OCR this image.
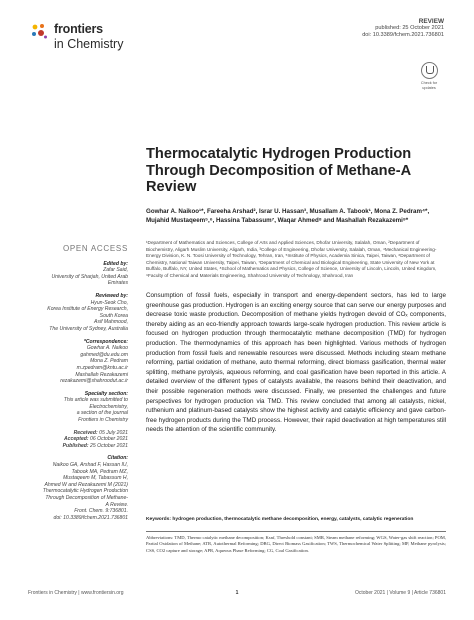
frontiers
in Chemistry
REVIEW
published: 25 October 2021
doi: 10.3389/fchem.2021.736801
Check for updates
Thermocatalytic Hydrogen Production Through Decomposition of Methane-A Review
Gowhar A. Naikoo¹*, Fareeha Arshad², Israr U. Hassan³, Musallam A. Tabook¹, Mona Z. Pedram⁴*, Mujahid Mustaqeem⁵,⁶, Hassina Tabassum⁷, Waqar Ahmed⁸ and Mashallah Rezakazemi⁹*
¹Department of Mathematics and Sciences, College of Arts and Applied Sciences, Dhofar University, Salalah, Oman, ²Department of Biochemistry, Aligarh Muslim University, Aligarh, India, ³College of Engineering, Dhofar University, Salalah, Oman, ⁴Mechanical Engineering-Energy Division, K. N. Toosi University of Technology, Tehran, Iran, ⁵Institute of Physics, Academia Sinica, Taipei, Taiwan, ⁶Department of Chemistry, National Taiwan University, Taipei, Taiwan, ⁷Department of Chemical and Biological Engineering, State University of New York at Buffalo, Buffalo, NY, United States, ⁸School of Mathematics and Physics, College of Science, University of Lincoln, Lincoln, United Kingdom, ⁹Faculty of Chemical and Materials Engineering, Shahrood University of Technology, Shahrood, Iran
OPEN ACCESS
Edited by:
Zafar Said,
University of Sharjah, United Arab
Emirates
Reviewed by:
Hyun-Seok Cho,
Korea Institute of Energy Research,
South Korea
Asif Mahmood,
The University of Sydney, Australia
*Correspondence:
Gowhar A. Naikoo
gahmed@du.edu.om
Mona Z. Pedram
m.zpedram@kntu.ac.ir
Mashallah Rezakazemi
rezakazemi@shahroodut.ac.ir
Specialty section:
This article was submitted to
Electrochemistry,
a section of the journal
Frontiers in Chemistry
Received: 05 July 2021
Accepted: 06 October 2021
Published: 25 October 2021
Citation:
Naikoo GA, Arshad F, Hassan IU,
Tabook MA, Pedram MZ,
Mustaqeem M, Tabassum H,
Ahmed W and Rezakazemi M (2021)
Thermocatalytic Hydrogen Production
Through Decomposition of Methane-
A Review.
Front. Chem. 9:736801.
doi: 10.3389/fchem.2021.736801
Consumption of fossil fuels, especially in transport and energy-dependent sectors, has led to large greenhouse gas production. Hydrogen is an exciting energy source that can serve our energy purposes and decrease toxic waste production. Decomposition of methane yields hydrogen devoid of COₓ components, thereby aiding as an eco-friendly approach towards large-scale hydrogen production. This review article is focused on hydrogen production through thermocatalytic methane decomposition (TMD) for hydrogen production. The thermodynamics of this approach has been highlighted. Various methods of hydrogen production from fossil fuels and renewable resources were discussed. Methods including steam methane reforming, partial oxidation of methane, auto thermal reforming, direct biomass gasification, thermal water splitting, methane pyrolysis, aqueous reforming, and coal gasification have been reported in this article. A detailed overview of the different types of catalysts available, the reasons behind their deactivation, and their possible regeneration methods were discussed. Finally, we presented the challenges and future perspectives for hydrogen production via TMD. This review concluded that among all catalysts, nickel, ruthenium and platinum-based catalysts show the highest activity and catalytic efficiency and gave carbon-free hydrogen products during the TMD process. However, their rapid deactivation at high temperatures still needs the attention of the scientific community.
Keywords: hydrogen production, thermocatalytic methane decomposition, energy, catalysts, catalytic regeneration
Abbreviations: TMD, Thermo catalytic methane decomposition; Ksnf, Threshold constant; SMR, Steam methane reforming; WGS, Water-gas shift reaction; POM, Partial Oxidation of Methane; ATR, Autothermal Reforming; DBG, Direct Biomass Gasification; TWS, Thermochemical Water Splitting; MP, Methane pyrolysis; CSS, CO2 capture and storage; APR, Aqueous Phase Reforming; CG, Coal Gasification.
Frontiers in Chemistry | www.frontiersin.org	1	October 2021 | Volume 9 | Article 736801
